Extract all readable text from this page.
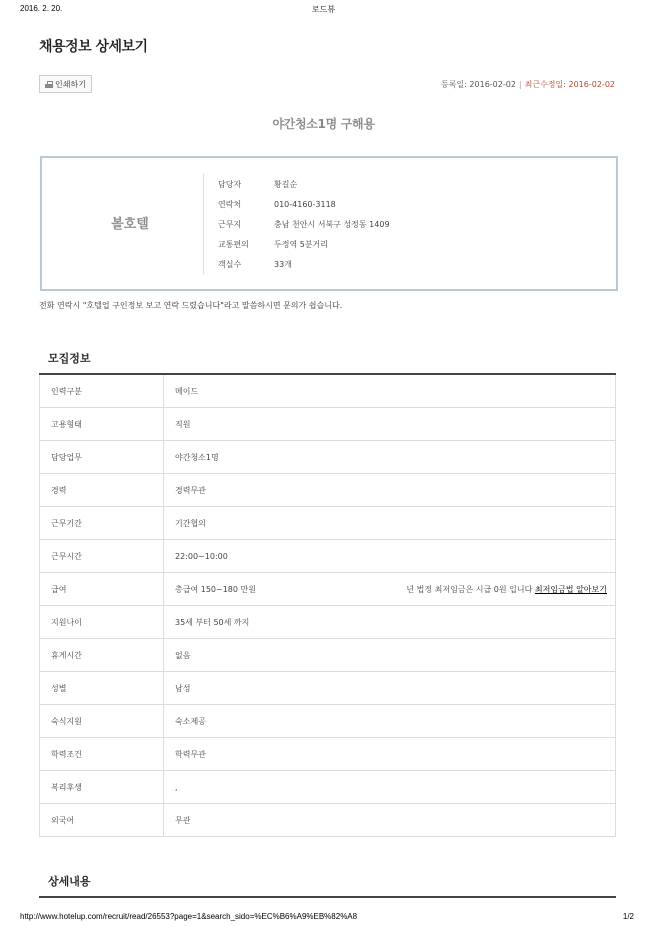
2016. 2. 20.	로드뷰
채용정보 상세보기
인쇄하기	등록일: 2016-02-02 | 최근수정일: 2016-02-02
야간청소1명 구해용
볼호텔
담당자	황길순
연락처	010-4160-3118
근무지	충남 천안시 서북구 성정동 1409
교통편의	두정역 5분거리
객실수	33개
전화 연락시 "호텔업 구인정보 보고 연락 드렸습니다"라고 말씀하시면 문의가 쉽습니다.
모집정보
인력구분	메이드
고용형태	직원
담당업무	야간청소1명
경력	경력무관
근무기간	기간협의
근무시간	22:00~10:00
급여	총급여 150~180 만원 년 법정 최저임금은 시급 0원 입니다 최저임금법 알아보기

지원나이	35세 부터 50세 까지
휴게시간	없음
성별	남성
숙식지원	숙소제공
학력조건	학력무관
복리후생	,
외국어	무관
상세내용
http://www.hotelup.com/recruit/read/26553?page=1&search_sido=%EC%B6%A9%EB%82%A8	1/2
